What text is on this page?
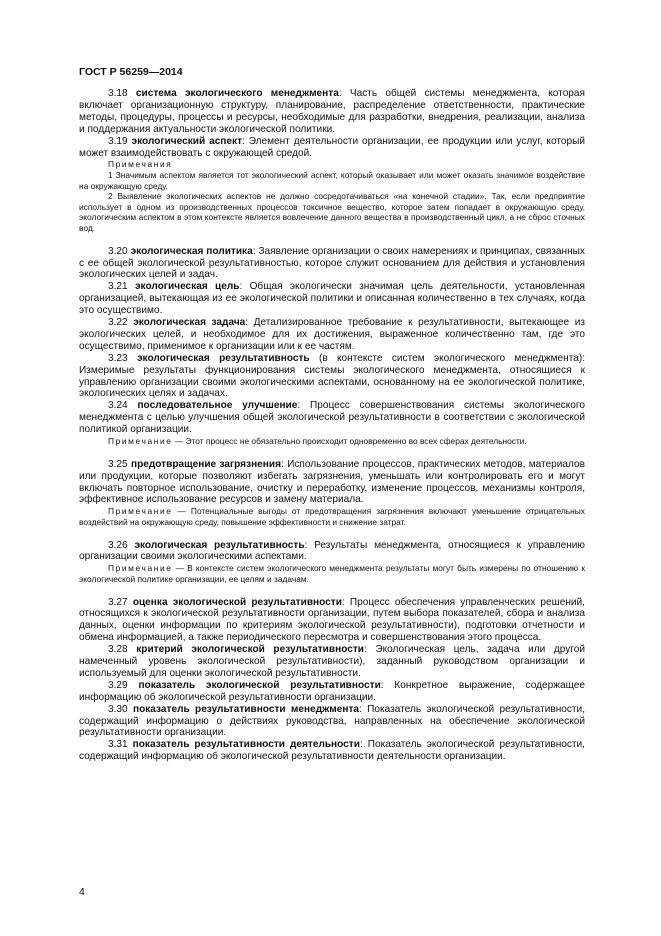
ГОСТ Р 56259—2014

3.18 система экологического менеджмента: Часть общей системы менеджмента, которая включает организационную структуру, планирование, распределение ответственности, практические методы, процедуры, процессы и ресурсы, необходимые для разработки, внедрения, реализации, анализа и поддержания актуальности экологической политики.

3.19 экологический аспект: Элемент деятельности организации, ее продукции или услуг, который может взаимодействовать с окружающей средой.

Примечания

1 Значимым аспектом является тот экологический аспект, который оказывает или может оказать значимое воздействие на окружающую среду.

2 Выявление экологических аспектов не должно сосредотачиваться «на конечной стадии». Так, если предприятие использует в одном из производственных процессов токсичное вещество, которое затем попадает в окружающую среду, экологическим аспектом в этом контексте является вовлечение данного вещества в производственный цикл, а не сброс сточных вод.

3.20 экологическая политика: Заявление организации о своих намерениях и принципах, связанных с ее общей экологической результативностью, которое служит основанием для действия и установления экологических целей и задач.

3.21 экологическая цель: Общая экологически значимая цель деятельности, установленная организацией, вытекающая из ее экологической политики и описанная количественно в тех случаях, когда это осуществимо.

3.22 экологическая задача: Детализированное требование к результативности, вытекающее из экологических целей, и необходимое для их достижения, выраженное количественно там, где это осуществимо, применимое к организации или к ее частям.

3.23 экологическая результативность (в контексте систем экологического менеджмента): Измеримые результаты функционирования системы экологического менеджмента, относящиеся к управлению организации своими экологическими аспектами, основанному на ее экологической политике, экологических целях и задачах.

3.24 последовательное улучшение: Процесс совершенствования системы экологического менеджмента с целью улучшения общей экологической результативности в соответствии с экологической политикой организации.

Примечание — Этот процесс не обязательно происходит одновременно во всех сферах деятельности.

3.25 предотвращение загрязнения: Использование процессов, практических методов, материалов или продукции, которые позволяют избегать загрязнения, уменьшать или контролировать его и могут включать повторное использование, очистку и переработку, изменение процессов, механизмы контроля, эффективное использование ресурсов и замену материала.

Примечание — Потенциальные выгоды от предотвращения загрязнения включают уменьшение отрицательных воздействий на окружающую среду, повышение эффективности и снижение затрат.

3.26 экологическая результативность: Результаты менеджмента, относящиеся к управлению организации своими экологическими аспектами.

Примечание — В контексте систем экологического менеджмента результаты могут быть измерены по отношению к экологической политике организации, ее целям и задачам.

3.27 оценка экологической результативности: Процесс обеспечения управленческих решений, относящихся к экологической результативности организации, путем выбора показателей, сбора и анализа данных, оценки информации по критериям экологической результативности), подготовки отчетности и обмена информацией, а также периодического пересмотра и совершенствования этого процесса.

3.28 критерий экологической результативности: Экологическая цель, задача или другой намеченный уровень экологической результативности), заданный руководством организации и используемый для оценки экологической результативности.

3.29 показатель экологической результативности: Конкретное выражение, содержащее информацию об экологической результативности организации.

3.30 показатель результативности менеджмента: Показатель экологической результативности, содержащий информацию о действиях руководства, направленных на обеспечение экологической результативности организации.

3.31 показатель результативности деятельности: Показатель экологической результативности, содержащий информацию об экологической результативности деятельности организации.

4
